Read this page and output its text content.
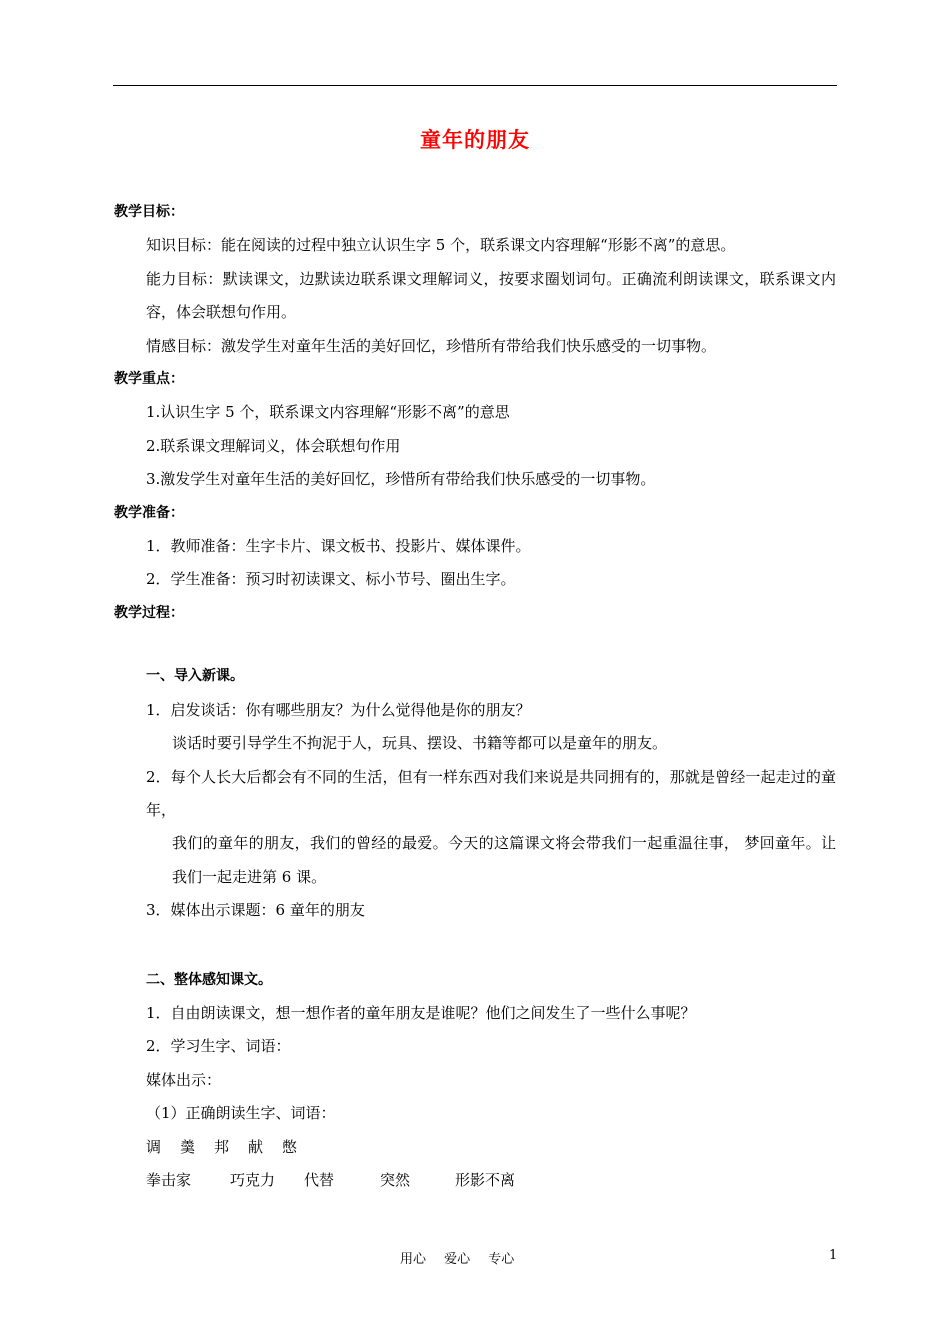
童年的朋友

教学目标：

知识目标：能在阅读的过程中独立认识生字 5 个，联系课文内容理解“形影不离”的意思。

能力目标：默读课文，边默读边联系课文理解词义，按要求圈划词句。正确流利朗读课文，联系课文内容，体会联想句作用。

情感目标：激发学生对童年生活的美好回忆，珍惜所有带给我们快乐感受的一切事物。

教学重点：

1.认识生字 5 个，联系课文内容理解“形影不离”的意思

2.联系课文理解词义，体会联想句作用

3.激发学生对童年生活的美好回忆，珍惜所有带给我们快乐感受的一切事物。

教学准备：

1．教师准备：生字卡片、课文板书、投影片、媒体课件。

2．学生准备：预习时初读课文、标小节号、圈出生字。

教学过程：

一、导入新课。

1．启发谈话：你有哪些朋友？为什么觉得他是你的朋友？

谈话时要引导学生不拘泥于人，玩具、摆设、书籍等都可以是童年的朋友。

2．每个人长大后都会有不同的生活，但有一样东西对我们来说是共同拥有的，那就是曾经一起走过的童年，

我们的童年的朋友，我们的曾经的最爱。今天的这篇课文将会带我们一起重温往事， 梦回童年。让我们一起走进第 6 课。

3．媒体出示课题：6 童年的朋友

二、整体感知课文。

1．自由朗读课文，想一想作者的童年朋友是谁呢？他们之间发生了一些什么事呢？

2．学习生字、词语：

媒体出示：

（1）正确朗读生字、词语：

调 羹 邦 献 憋

拳击家	巧克力 代替	突然	形影不离

用心 爱心 专心	1
